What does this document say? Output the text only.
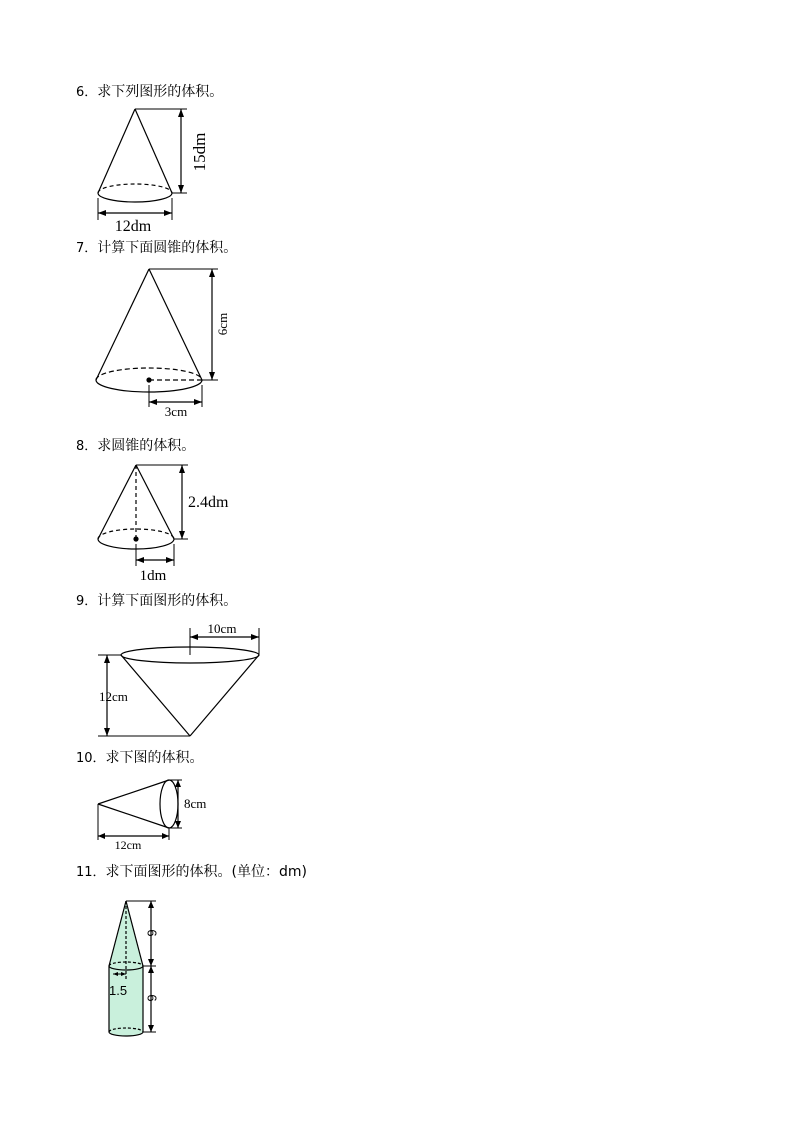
6．求下列图形的体积。
15dm
12dm
7．计算下面圆锥的体积。
6cm
3cm
8．求圆锥的体积。
2.4dm
1dm
9．计算下面图形的体积。
10cm
12cm
10．求下图的体积。
8cm
12cm
11．求下面图形的体积。(单位：dm)
6
6
1.5
